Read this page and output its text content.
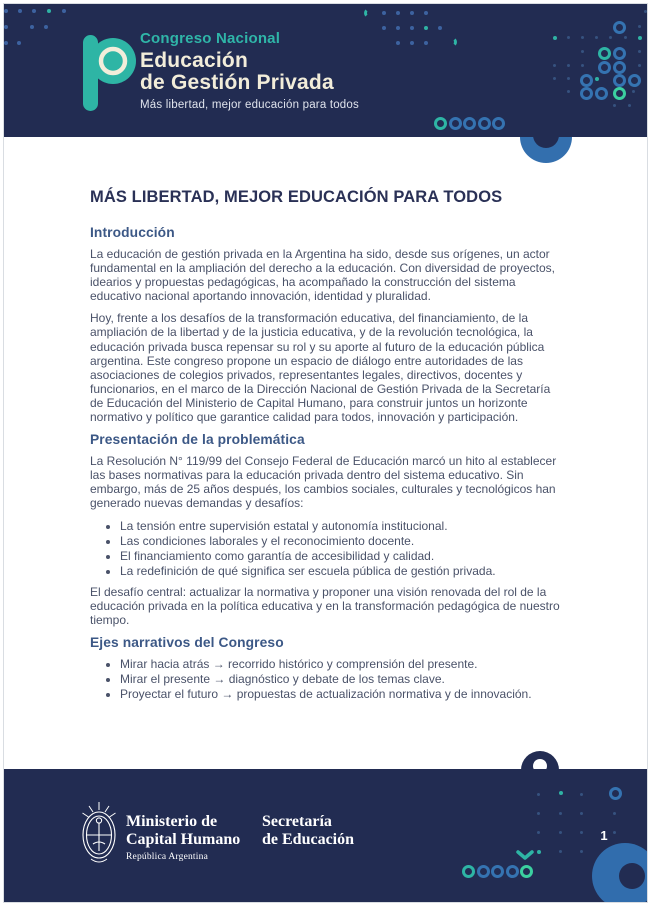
Congreso Nacional
Educación
de Gestión Privada
Más libertad, mejor educación para todos
MÁS LIBERTAD, MEJOR EDUCACIÓN PARA TODOS
Introducción

La educación de gestión privada en la Argentina ha sido, desde sus orígenes, un actor fundamental en la ampliación del derecho a la educación. Con diversidad de proyectos, idearios y propuestas pedagógicas, ha acompañado la construcción del sistema educativo nacional aportando innovación, identidad y pluralidad.

Hoy, frente a los desafíos de la transformación educativa, del financiamiento, de la ampliación de la libertad y de la justicia educativa, y de la revolución tecnológica, la educación privada busca repensar su rol y su aporte al futuro de la educación pública argentina. Este congreso propone un espacio de diálogo entre autoridades de las asociaciones de colegios privados, representantes legales, directivos, docentes y funcionarios, en el marco de la Dirección Nacional de Gestión Privada de la Secretaría de Educación del Ministerio de Capital Humano, para construir juntos un horizonte normativo y político que garantice calidad para todos, innovación y participación.

Presentación de la problemática

La Resolución N° 119/99 del Consejo Federal de Educación marcó un hito al establecer las bases normativas para la educación privada dentro del sistema educativo. Sin embargo, más de 25 años después, los cambios sociales, culturales y tecnológicos han generado nuevas demandas y desafíos:

• La tensión entre supervisión estatal y autonomía institucional.
• Las condiciones laborales y el reconocimiento docente.
• El financiamiento como garantía de accesibilidad y calidad.
• La redefinición de qué significa ser escuela pública de gestión privada.

El desafío central: actualizar la normativa y proponer una visión renovada del rol de la educación privada en la política educativa y en la transformación pedagógica de nuestro tiempo.

Ejes narrativos del Congreso
• Mirar hacia atrás → recorrido histórico y comprensión del presente.
• Mirar el presente → diagnóstico y debate de los temas clave.
• Proyectar el futuro → propuestas de actualización normativa y de innovación.
Ministerio de
Capital Humano
República Argentina
Secretaría
de Educación	1
